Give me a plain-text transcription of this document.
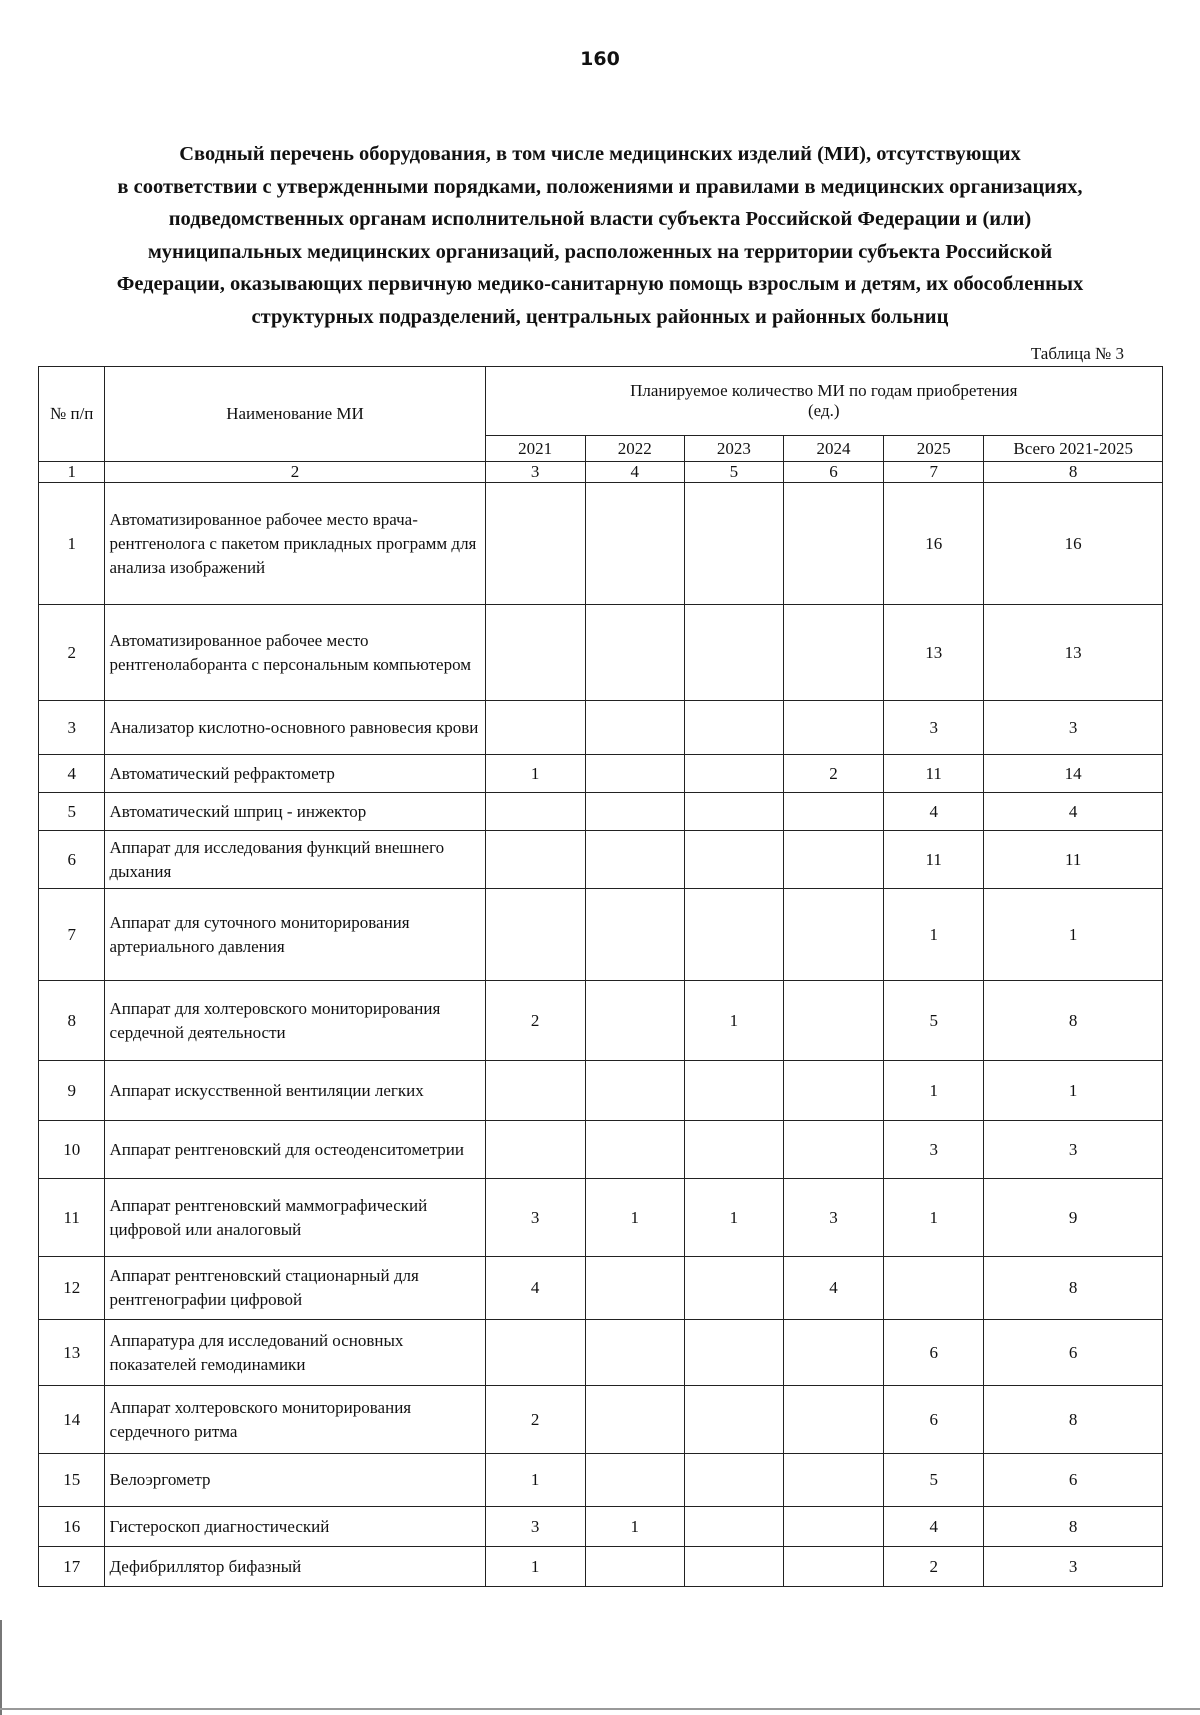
160
Сводный перечень оборудования, в том числе медицинских изделий (МИ), отсутствующих
в соответствии с утвержденными порядками, положениями и правилами в медицинских организациях,
подведомственных органам исполнительной власти субъекта Российской Федерации и (или)
муниципальных медицинских организаций, расположенных на территории субъекта Российской
Федерации, оказывающих первичную медико-санитарную помощь взрослым и детям, их обособленных
структурных подразделений, центральных районных и районных больниц
Таблица № 3
№ п/п	Наименование МИ	Планируемое количество МИ по годам приобретения
(ед.)					

		2021	2022	2023	2024	2025	Всего 2021-2025
1	2	3	4	5	6	7	8
1	Автоматизированное рабочее место врача-рентгенолога с пакетом прикладных программ для анализа изображений					16	16
2	Автоматизированное рабочее место рентгенолаборанта с персональным компьютером					13	13
3	Анализатор кислотно-основного равновесия крови					3	3
4	Автоматический рефрактометр	1			2	11	14
5	Автоматический шприц - инжектор					4	4
6	Аппарат для исследования функций внешнего дыхания					11	11
7	Аппарат для суточного мониторирования артериального давления					1	1
8	Аппарат для холтеровского мониторирования сердечной деятельности	2		1		5	8
9	Аппарат искусственной вентиляции легких					1	1
10	Аппарат рентгеновский для остеоденситометрии					3	3
11	Аппарат рентгеновский маммографический цифровой или аналоговый	3	1	1	3	1	9
12	Аппарат рентгеновский стационарный для рентгенографии цифровой	4			4		8
13	Аппаратура для исследований основных показателей гемодинамики					6	6
14	Аппарат холтеровского мониторирования сердечного ритма	2				6	8
15	Велоэргометр	1				5	6
16	Гистероскоп диагностический	3	1			4	8
17	Дефибриллятор бифазный	1				2	3
